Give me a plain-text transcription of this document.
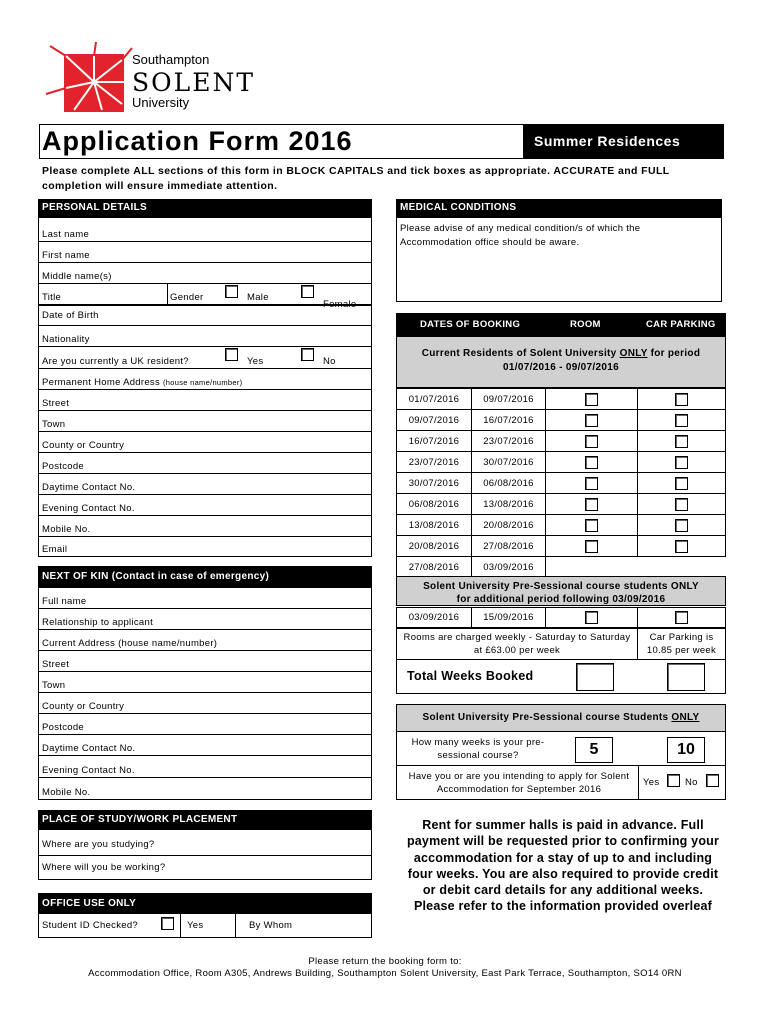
Southampton
SOLENT
University
Application Form 2016	Summer Residences
Please complete ALL sections of this form in BLOCK CAPITALS and tick boxes as appropriate. ACCURATE and FULL completion will ensure immediate attention.
PERSONAL DETAILS
Last name
First name
Middle name(s)
Title	Gender	Male
Female
Date of Birth
Nationality
Are you currently a UK resident?	Yes	No
Permanent Home Address (house name/number)
Street
Town
County or Country
Postcode
Daytime Contact No.
Evening Contact No.
Mobile No.
Email
NEXT OF KIN (Contact in case of emergency)
Full name
Relationship to applicant
Current Address (house name/number)
Street
Town
County or Country
Postcode
Daytime Contact No.
Evening Contact No.
Mobile No.
PLACE OF STUDY/WORK PLACEMENT
Where are you studying?
Where will you be working?
OFFICE USE ONLY
Student ID Checked?	Yes	By Whom
MEDICAL CONDITIONS
Please advise of any medical condition/s of which the Accommodation office should be aware.
DATES OF BOOKING	ROOM	CAR PARKING
Current Residents of Solent University ONLY for period
01/07/2016 - 09/07/2016
01/07/2016	09/07/2016
09/07/2016	16/07/2016
16/07/2016	23/07/2016
23/07/2016	30/07/2016
30/07/2016	06/08/2016
06/08/2016	13/08/2016
13/08/2016	20/08/2016
20/08/2016	27/08/2016
27/08/2016	03/09/2016
Solent University Pre-Sessional course students ONLY for additional period following 03/09/2016
03/09/2016	15/09/2016
Rooms are charged weekly - Saturday to Saturday at £63.00 per week
Car Parking is 10.85 per week
Total Weeks Booked
Solent University Pre-Sessional course Students ONLY
How many weeks is your pre-sessional course?	5	10
Have you or are you intending to apply for Solent Accommodation for September 2016
Yes	No
Rent for summer halls is paid in advance. Full payment will be requested prior to confirming your accommodation for a stay of up to and including four weeks. You are also required to provide credit or debit card details for any additional weeks.
Please refer to the information provided overleaf
Please return the booking form to:
Accommodation Office, Room A305, Andrews Building, Southampton Solent University, East Park Terrace, Southampton, SO14 0RN
